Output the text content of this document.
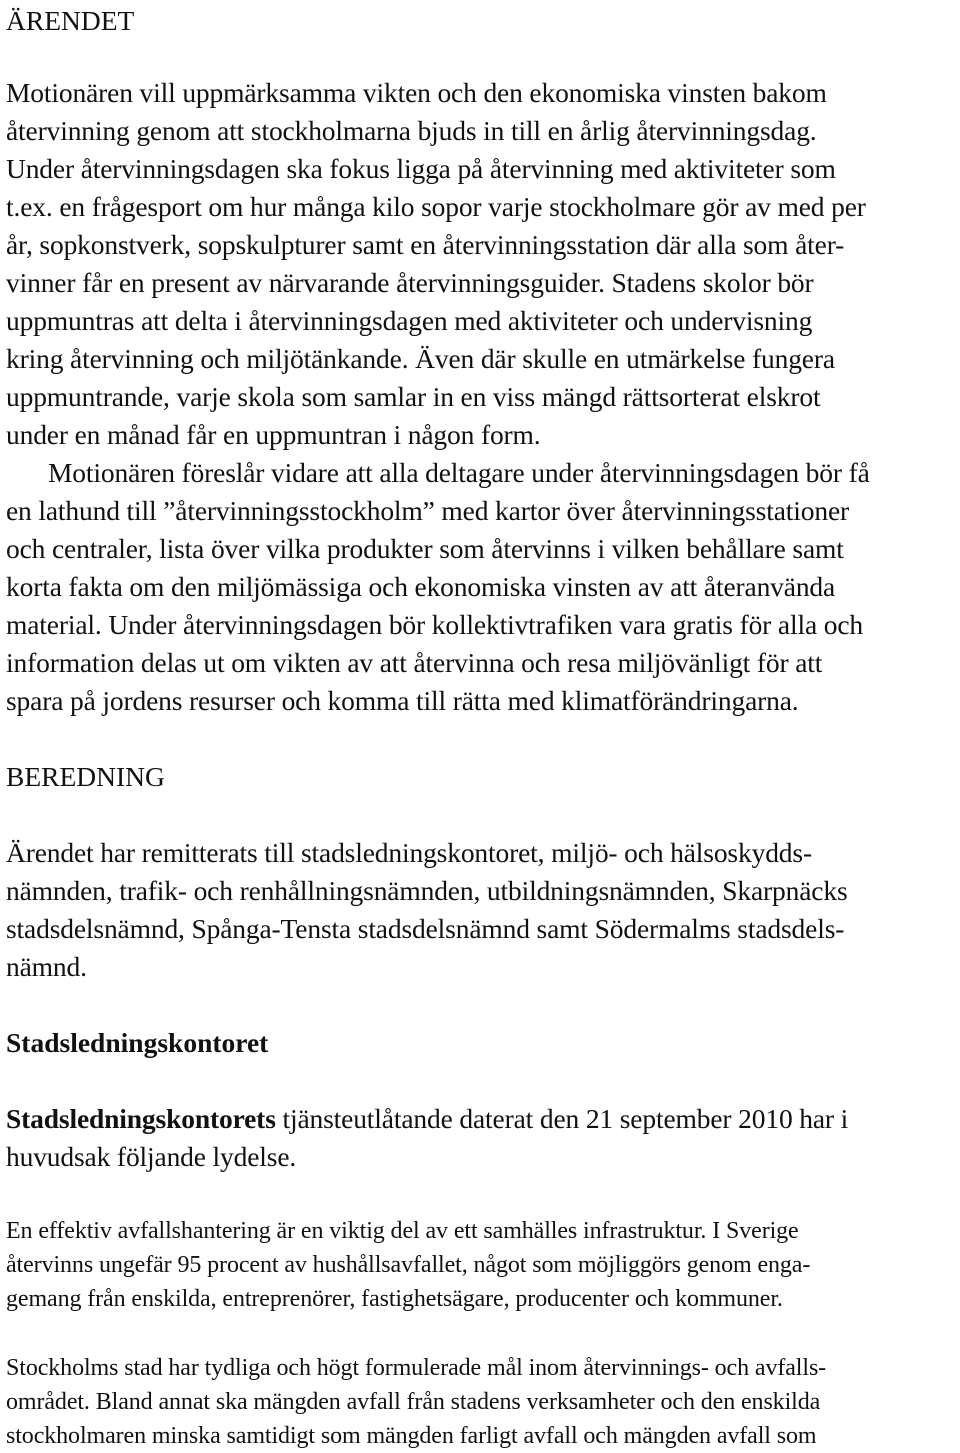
ÄRENDET
Motionären vill uppmärksamma vikten och den ekonomiska vinsten bakom
återvinning genom att stockholmarna bjuds in till en årlig återvinningsdag.
Under återvinningsdagen ska fokus ligga på återvinning med aktiviteter som
t.ex. en frågesport om hur många kilo sopor varje stockholmare gör av med per
år, sopkonstverk, sopskulpturer samt en återvinningsstation där alla som åter-
vinner får en present av närvarande återvinningsguider. Stadens skolor bör
uppmuntras att delta i återvinningsdagen med aktiviteter och undervisning
kring återvinning och miljötänkande. Även där skulle en utmärkelse fungera
uppmuntrande, varje skola som samlar in en viss mängd rättsorterat elskrot
under en månad får en uppmuntran i någon form.
Motionären föreslår vidare att alla deltagare under återvinningsdagen bör få
en lathund till ”återvinningsstockholm” med kartor över återvinningsstationer
och centraler, lista över vilka produkter som återvinns i vilken behållare samt
korta fakta om den miljömässiga och ekonomiska vinsten av att återanvända
material. Under återvinningsdagen bör kollektivtrafiken vara gratis för alla och
information delas ut om vikten av att återvinna och resa miljövänligt för att
spara på jordens resurser och komma till rätta med klimatförändringarna.
BEREDNING
Ärendet har remitterats till stadsledningskontoret, miljö- och hälsoskydds-
nämnden, trafik- och renhållningsnämnden, utbildningsnämnden, Skarpnäcks
stadsdelsnämnd, Spånga-Tensta stadsdelsnämnd samt Södermalms stadsdels-
nämnd.
Stadsledningskontoret
Stadsledningskontorets tjänsteutlåtande daterat den 21 september 2010 har i
huvudsak följande lydelse.
En effektiv avfallshantering är en viktig del av ett samhälles infrastruktur. I Sverige
återvinns ungefär 95 procent av hushållsavfallet, något som möjliggörs genom enga-
gemang från enskilda, entreprenörer, fastighetsägare, producenter och kommuner.
Stockholms stad har tydliga och högt formulerade mål inom återvinnings- och avfalls-
området. Bland annat ska mängden avfall från stadens verksamheter och den enskilda
stockholmaren minska samtidigt som mängden farligt avfall och mängden avfall som
